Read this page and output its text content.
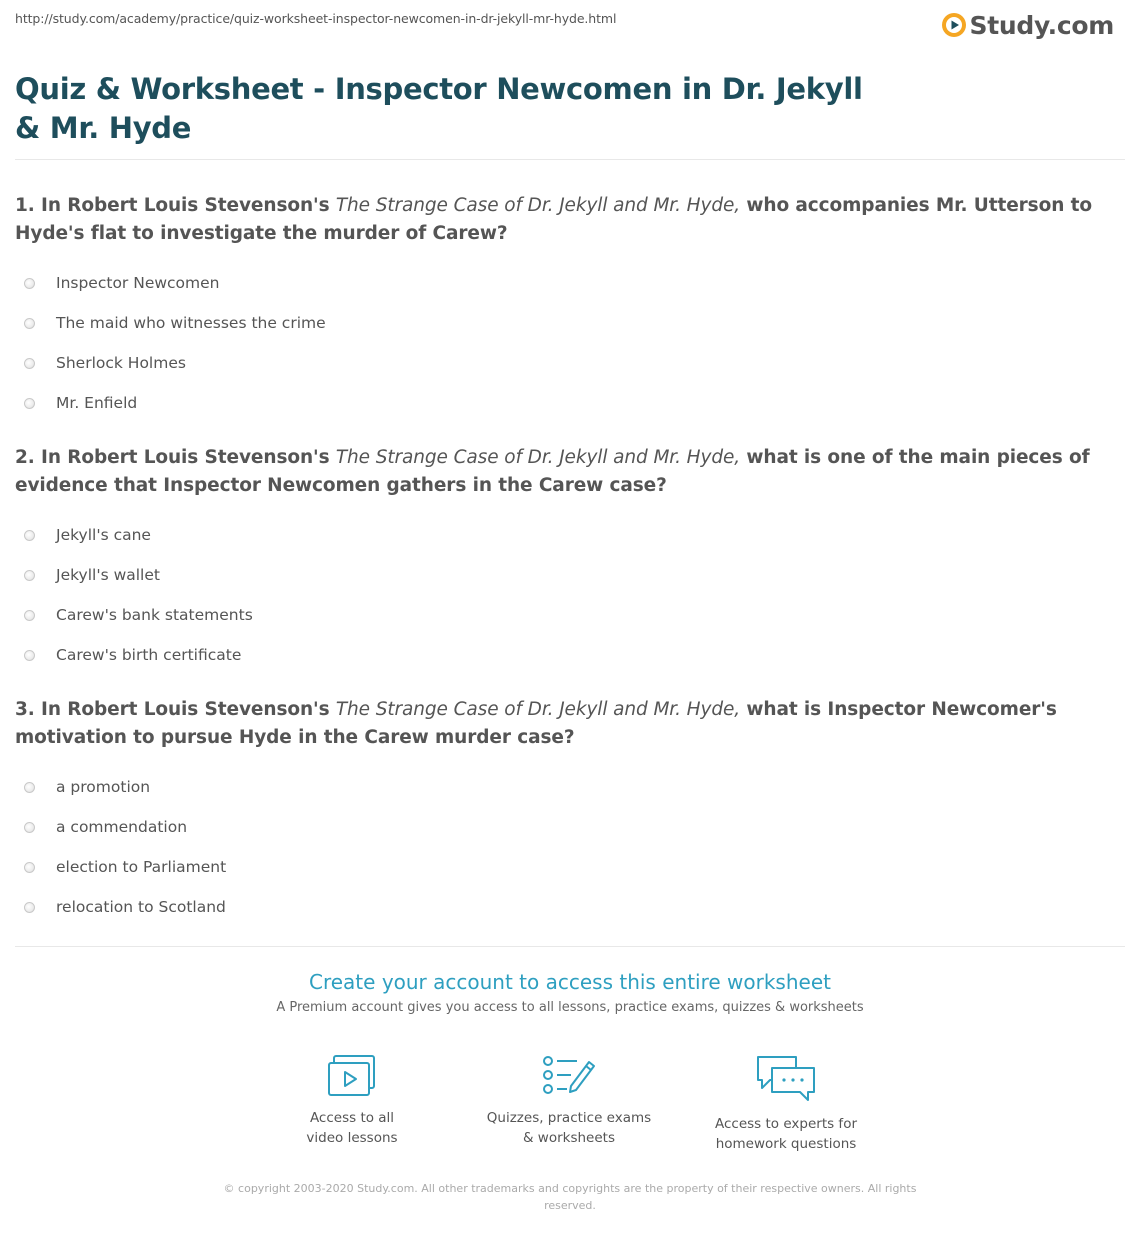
http://study.com/academy/practice/quiz-worksheet-inspector-newcomen-in-dr-jekyll-mr-hyde.html	Study.com
Quiz & Worksheet - Inspector Newcomen in Dr. Jekyll & Mr. Hyde

1. In Robert Louis Stevenson's The Strange Case of Dr. Jekyll and Mr. Hyde, who accompanies Mr. Utterson to Hyde's flat to investigate the murder of Carew?

Inspector Newcomen
The maid who witnesses the crime
Sherlock Holmes
Mr. Enfield

2. In Robert Louis Stevenson's The Strange Case of Dr. Jekyll and Mr. Hyde, what is one of the main pieces of evidence that Inspector Newcomen gathers in the Carew case?

Jekyll's cane
Jekyll's wallet
Carew's bank statements
Carew's birth certificate

3. In Robert Louis Stevenson's The Strange Case of Dr. Jekyll and Mr. Hyde, what is Inspector Newcomer's motivation to pursue Hyde in the Carew murder case?

a promotion
a commendation
election to Parliament
relocation to Scotland
Create your account to access this entire worksheet
A Premium account gives you access to all lessons, practice exams, quizzes & worksheets
Access to all
video lessons
Quizzes, practice exams
& worksheets
Access to experts for
homework questions
© copyright 2003-2020 Study.com. All other trademarks and copyrights are the property of their respective owners. All rights reserved.
